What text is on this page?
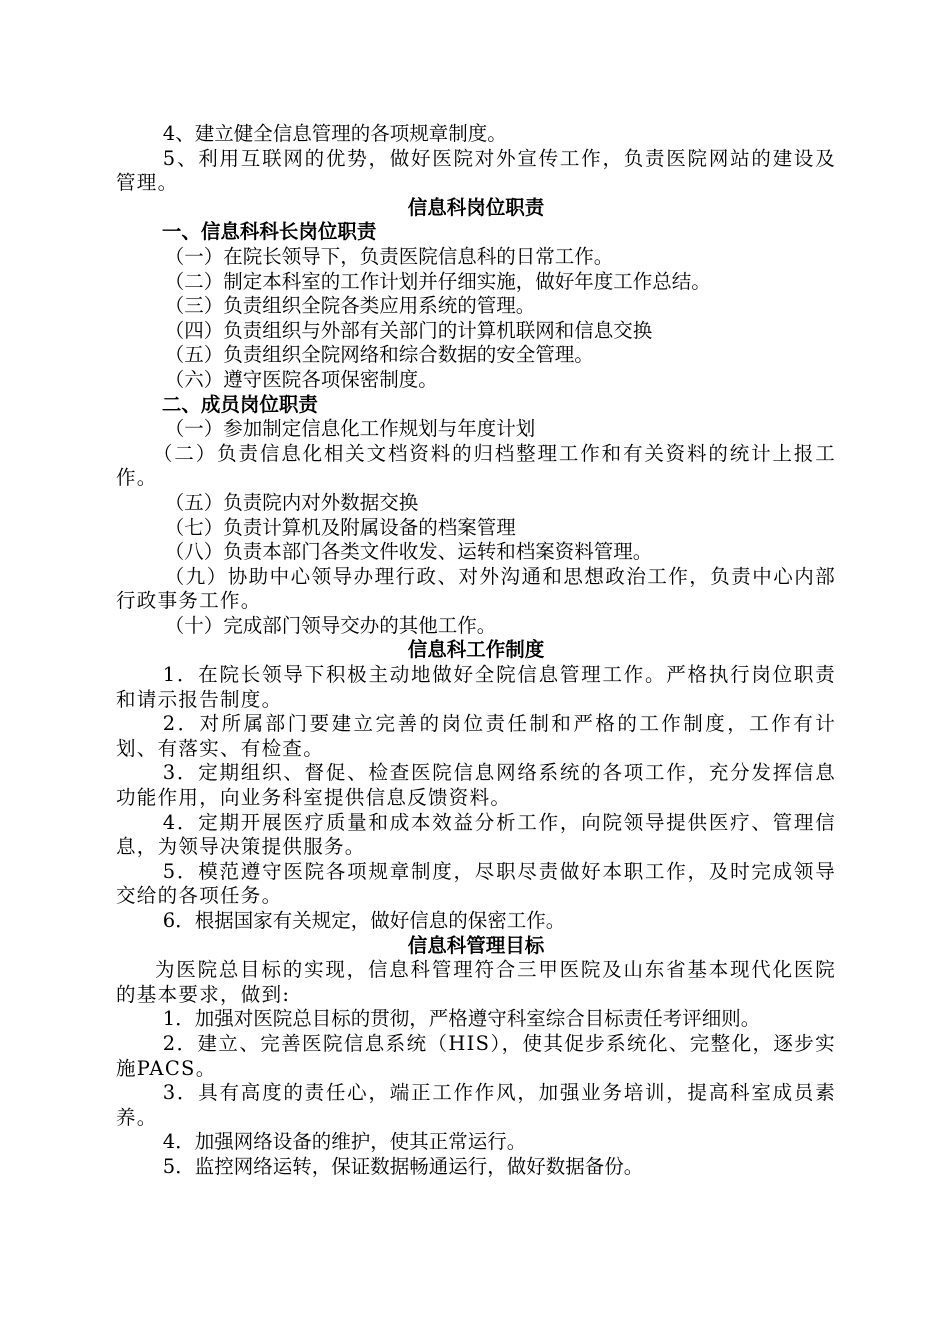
4、建立健全信息管理的各项规章制度。

5、利用互联网的优势，做好医院对外宣传工作，负责医院网站的建设及管理。

信息科岗位职责

一、信息科科长岗位职责

（一）在院长领导下，负责医院信息科的日常工作。

（二）制定本科室的工作计划并仔细实施，做好年度工作总结。

（三）负责组织全院各类应用系统的管理。

（四）负责组织与外部有关部门的计算机联网和信息交换

（五）负责组织全院网络和综合数据的安全管理。

（六）遵守医院各项保密制度。

二、成员岗位职责

（一）参加制定信息化工作规划与年度计划

（二）负责信息化相关文档资料的归档整理工作和有关资料的统计上报工作。

（五）负责院内对外数据交换

（七）负责计算机及附属设备的档案管理

（八）负责本部门各类文件收发、运转和档案资料管理。

（九）协助中心领导办理行政、对外沟通和思想政治工作，负责中心内部行政事务工作。

（十）完成部门领导交办的其他工作。

信息科工作制度

1．在院长领导下积极主动地做好全院信息管理工作。严格执行岗位职责和请示报告制度。

2．对所属部门要建立完善的岗位责任制和严格的工作制度，工作有计划、有落实、有检查。

3．定期组织、督促、检查医院信息网络系统的各项工作，充分发挥信息功能作用，向业务科室提供信息反馈资料。

4．定期开展医疗质量和成本效益分析工作，向院领导提供医疗、管理信息，为领导决策提供服务。

5．模范遵守医院各项规章制度，尽职尽责做好本职工作，及时完成领导交给的各项任务。

6．根据国家有关规定，做好信息的保密工作。

信息科管理目标

为医院总目标的实现，信息科管理符合三甲医院及山东省基本现代化医院的基本要求，做到:

1．加强对医院总目标的贯彻，严格遵守科室综合目标责任考评细则。

2．建立、完善医院信息系统（HIS），使其促步系统化、完整化，逐步实施PACS。

3．具有高度的责任心，端正工作作风，加强业务培训，提高科室成员素养。

4．加强网络设备的维护，使其正常运行。

5．监控网络运转，保证数据畅通运行，做好数据备份。
